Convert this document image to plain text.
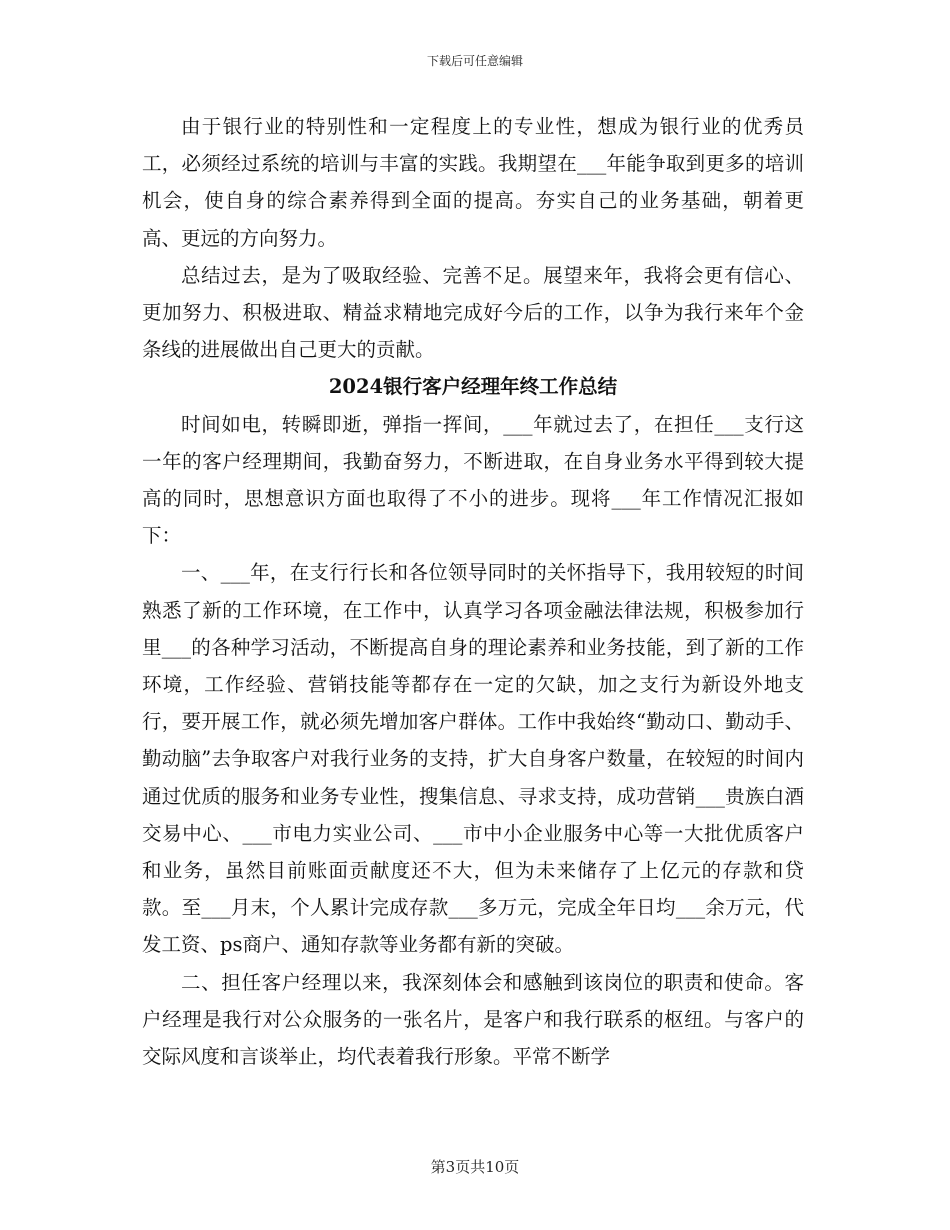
下载后可任意编辑

由于银行业的特别性和一定程度上的专业性，想成为银行业的优秀员工，必须经过系统的培训与丰富的实践。我期望在___年能争取到更多的培训机会，使自身的综合素养得到全面的提高。夯实自己的业务基础，朝着更高、更远的方向努力。

总结过去，是为了吸取经验、完善不足。展望来年，我将会更有信心、更加努力、积极进取、精益求精地完成好今后的工作，以争为我行来年个金条线的进展做出自己更大的贡献。

2024银行客户经理年终工作总结

时间如电，转瞬即逝，弹指一挥间，___年就过去了，在担任___支行这一年的客户经理期间，我勤奋努力，不断进取，在自身业务水平得到较大提高的同时，思想意识方面也取得了不小的进步。现将___年工作情况汇报如下：

一、___年，在支行行长和各位领导同时的关怀指导下，我用较短的时间熟悉了新的工作环境，在工作中，认真学习各项金融法律法规，积极参加行里___的各种学习活动，不断提高自身的理论素养和业务技能，到了新的工作环境，工作经验、营销技能等都存在一定的欠缺，加之支行为新设外地支行，要开展工作，就必须先增加客户群体。工作中我始终“勤动口、勤动手、勤动脑”去争取客户对我行业务的支持，扩大自身客户数量，在较短的时间内通过优质的服务和业务专业性，搜集信息、寻求支持，成功营销___贵族白酒交易中心、___市电力实业公司、___市中小企业服务中心等一大批优质客户和业务，虽然目前账面贡献度还不大，但为未来储存了上亿元的存款和贷款。至___月末，个人累计完成存款___多万元，完成全年日均___余万元，代发工资、ps商户、通知存款等业务都有新的突破。

二、担任客户经理以来，我深刻体会和感触到该岗位的职责和使命。客户经理是我行对公众服务的一张名片，是客户和我行联系的枢纽。与客户的交际风度和言谈举止，均代表着我行形象。平常不断学

第3页共10页
